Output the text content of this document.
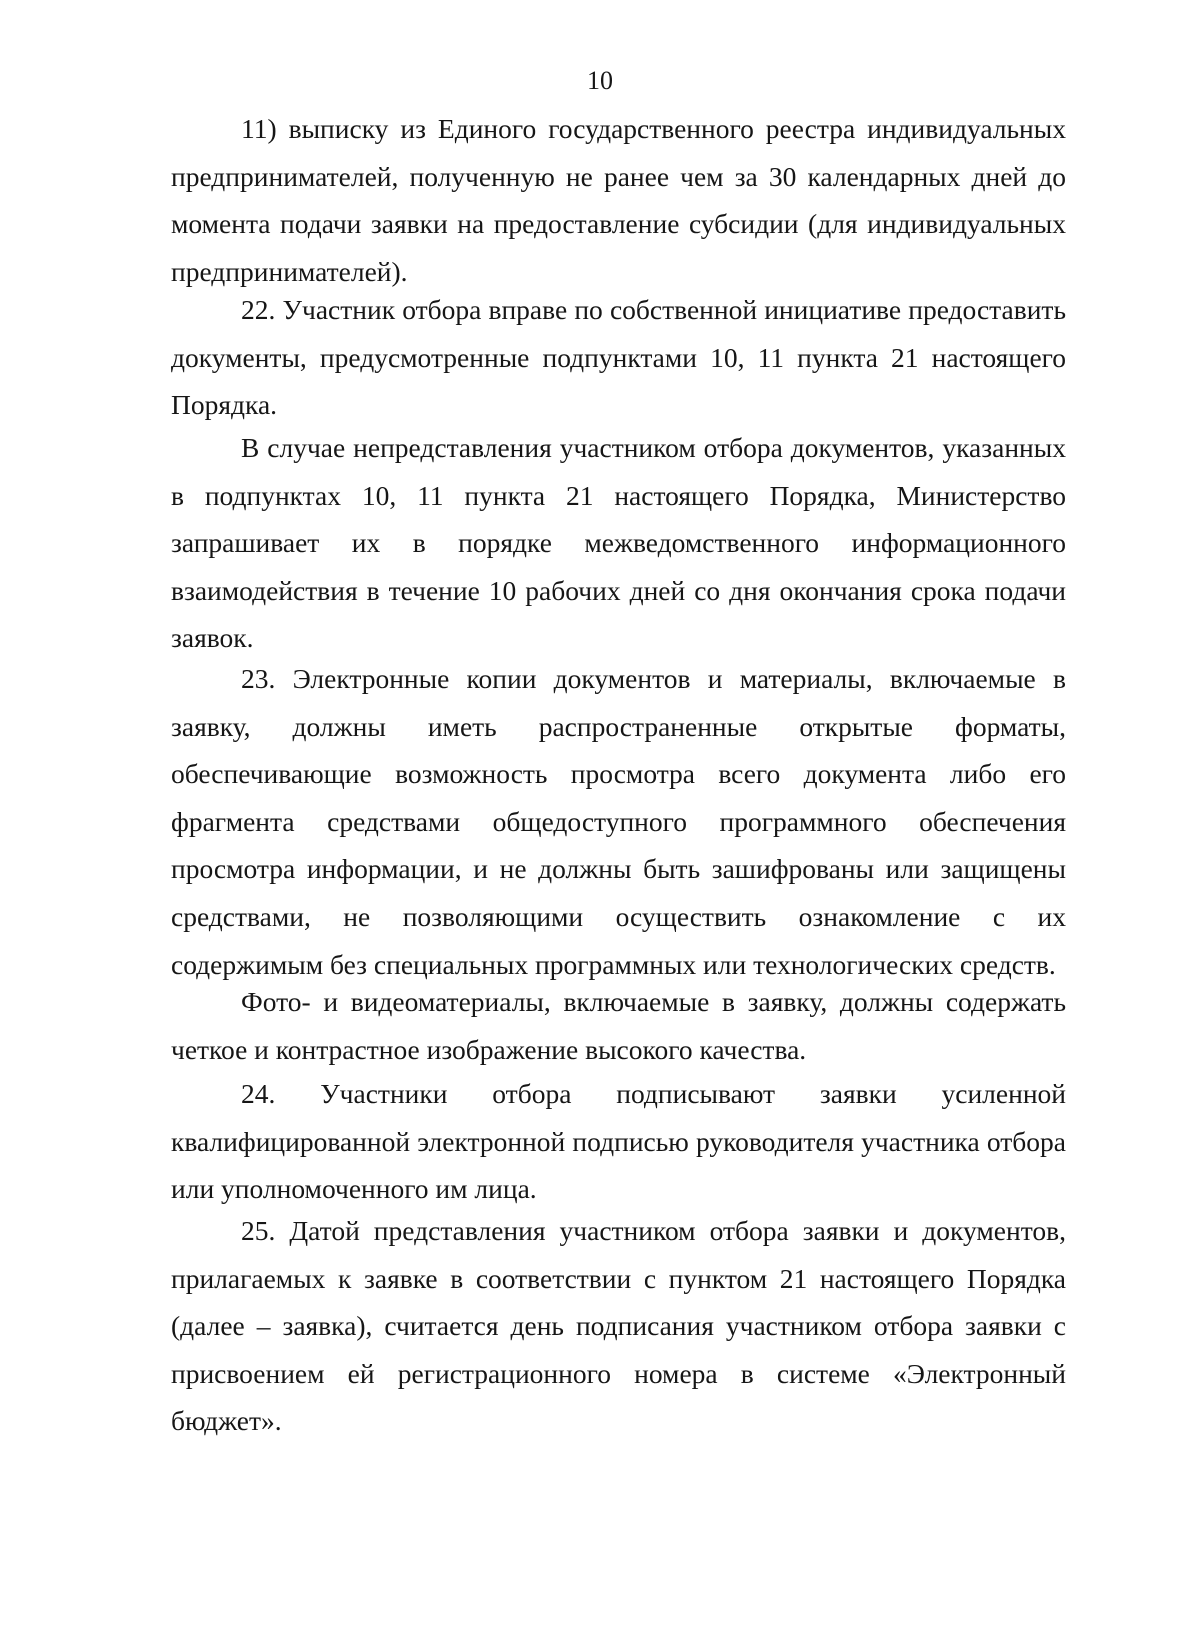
10

11) выписку из Единого государственного реестра индивидуальных предпринимателей, полученную не ранее чем за 30 календарных дней до момента подачи заявки на предоставление субсидии (для индивидуальных предпринимателей).

22. Участник отбора вправе по собственной инициативе предоставить документы, предусмотренные подпунктами 10, 11 пункта 21 настоящего Порядка.

В случае непредставления участником отбора документов, указанных в подпунктах 10, 11 пункта 21 настоящего Порядка, Министерство запрашивает их в порядке межведомственного информационного взаимодействия в течение 10 рабочих дней со дня окончания срока подачи заявок.

23. Электронные копии документов и материалы, включаемые в заявку, должны иметь распространенные открытые форматы, обеспечивающие возможность просмотра всего документа либо его фрагмента средствами общедоступного программного обеспечения просмотра информации, и не должны быть зашифрованы или защищены средствами, не позволяющими осуществить ознакомление с их содержимым без специальных программных или технологических средств.

Фото- и видеоматериалы, включаемые в заявку, должны содержать четкое и контрастное изображение высокого качества.

24. Участники отбора подписывают заявки усиленной квалифицированной электронной подписью руководителя участника отбора или уполномоченного им лица.

25. Датой представления участником отбора заявки и документов, прилагаемых к заявке в соответствии с пунктом 21 настоящего Порядка (далее – заявка), считается день подписания участником отбора заявки с присвоением ей регистрационного номера в системе «Электронный бюджет».
